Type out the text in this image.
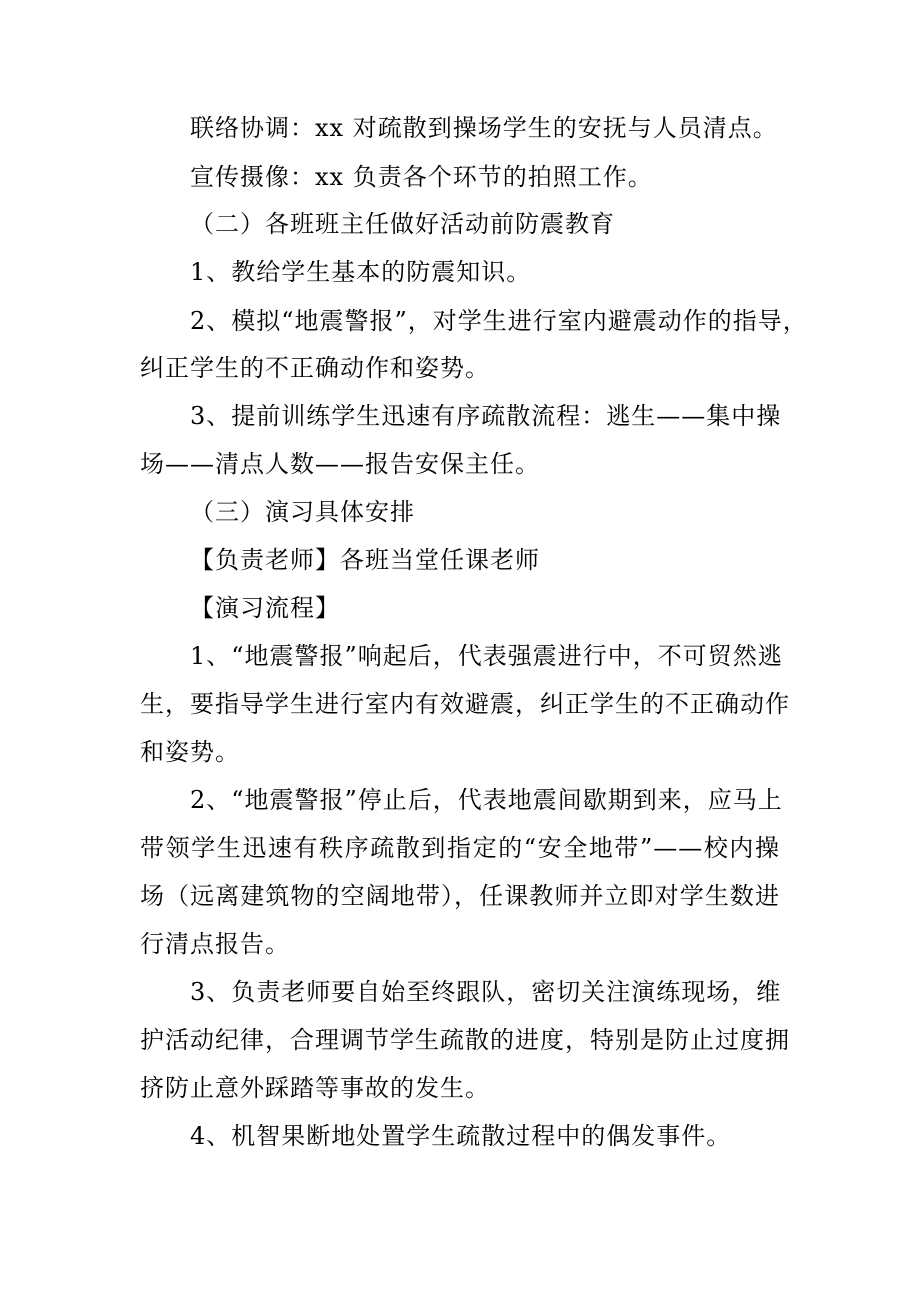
联络协调：xx 对疏散到操场学生的安抚与人员清点。
宣传摄像：xx 负责各个环节的拍照工作。
（二）各班班主任做好活动前防震教育
1、教给学生基本的防震知识。
2、模拟“地震警报”，对学生进行室内避震动作的指导，
纠正学生的不正确动作和姿势。
3、提前训练学生迅速有序疏散流程：逃生——集中操
场——清点人数——报告安保主任。
（三）演习具体安排
【负责老师】各班当堂任课老师
【演习流程】
1、“地震警报”响起后，代表强震进行中，不可贸然逃
生，要指导学生进行室内有效避震，纠正学生的不正确动作
和姿势。
2、“地震警报”停止后，代表地震间歇期到来，应马上
带领学生迅速有秩序疏散到指定的“安全地带”——校内操
场（远离建筑物的空阔地带），任课教师并立即对学生数进
行清点报告。
3、负责老师要自始至终跟队，密切关注演练现场，维
护活动纪律，合理调节学生疏散的进度，特别是防止过度拥
挤防止意外踩踏等事故的发生。
4、机智果断地处置学生疏散过程中的偶发事件。
